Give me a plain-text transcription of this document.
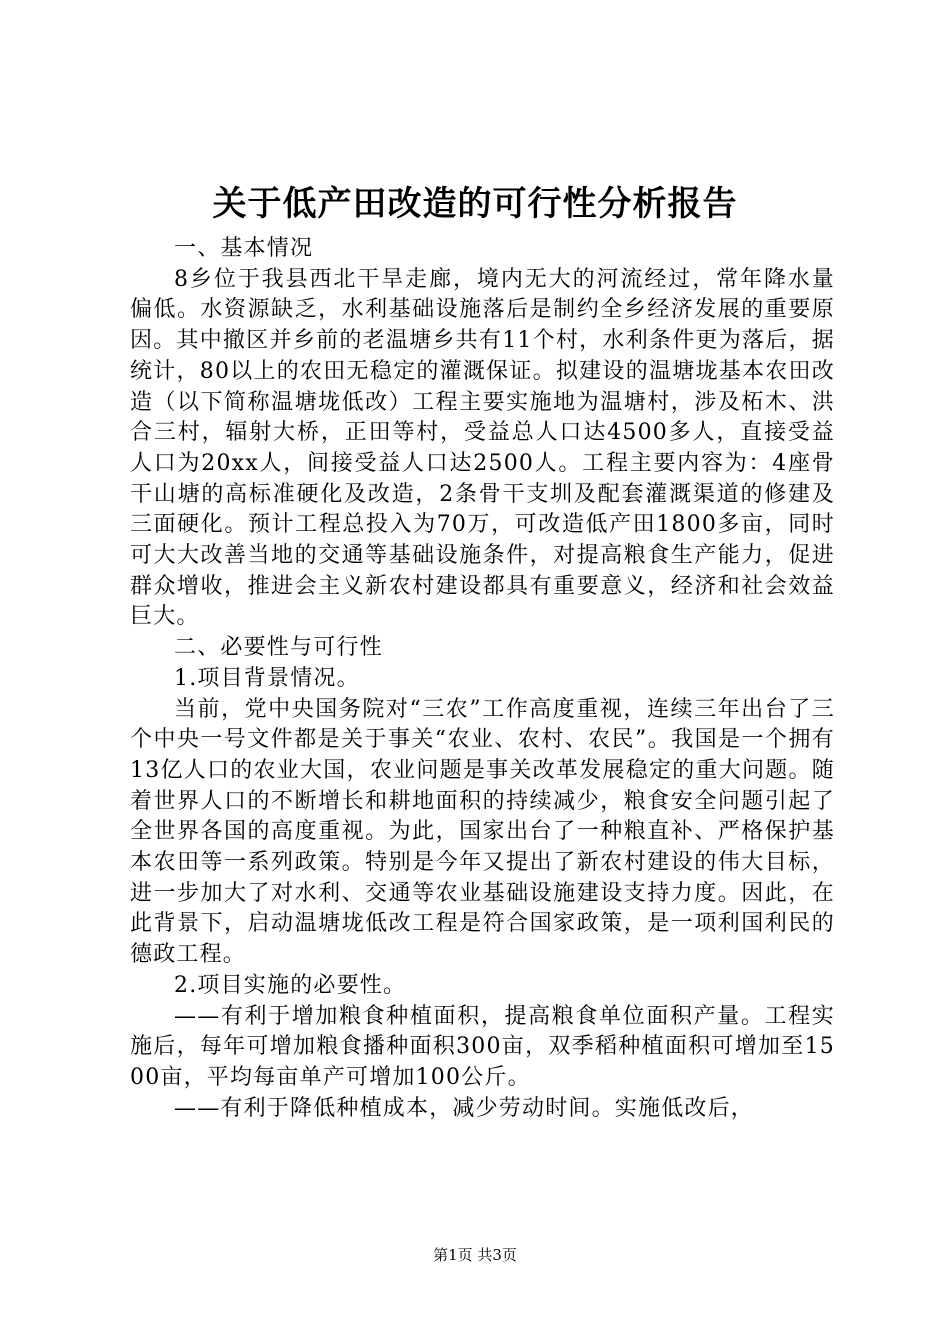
关于低产田改造的可行性分析报告

一、基本情况

8乡位于我县西北干旱走廊，境内无大的河流经过，常年降水量偏低。水资源缺乏，水利基础设施落后是制约全乡经济发展的重要原因。其中撤区并乡前的老温塘乡共有11个村，水利条件更为落后，据统计，80以上的农田无稳定的灌溉保证。拟建设的温塘垅基本农田改造（以下简称温塘垅低改）工程主要实施地为温塘村，涉及柘木、洪合三村，辐射大桥，正田等村，受益总人口达4500多人，直接受益人口为20xx人，间接受益人口达2500人。工程主要内容为：4座骨干山塘的高标准硬化及改造，2条骨干支圳及配套灌溉渠道的修建及三面硬化。预计工程总投入为70万，可改造低产田1800多亩，同时可大大改善当地的交通等基础设施条件，对提高粮食生产能力，促进群众增收，推进会主义新农村建设都具有重要意义，经济和社会效益巨大。

二、必要性与可行性

1.项目背景情况。

当前，党中央国务院对“三农”工作高度重视，连续三年出台了三个中央一号文件都是关于事关“农业、农村、农民”。我国是一个拥有13亿人口的农业大国，农业问题是事关改革发展稳定的重大问题。随着世界人口的不断增长和耕地面积的持续减少，粮食安全问题引起了全世界各国的高度重视。为此，国家出台了一种粮直补、严格保护基本农田等一系列政策。特别是今年又提出了新农村建设的伟大目标，进一步加大了对水利、交通等农业基础设施建设支持力度。因此，在此背景下，启动温塘垅低改工程是符合国家政策，是一项利国利民的德政工程。

2.项目实施的必要性。

——有利于增加粮食种植面积，提高粮食单位面积产量。工程实施后，每年可增加粮食播种面积300亩，双季稻种植面积可增加至1500亩，平均每亩单产可增加100公斤。

——有利于降低种植成本，减少劳动时间。实施低改后，

第1页 共3页
